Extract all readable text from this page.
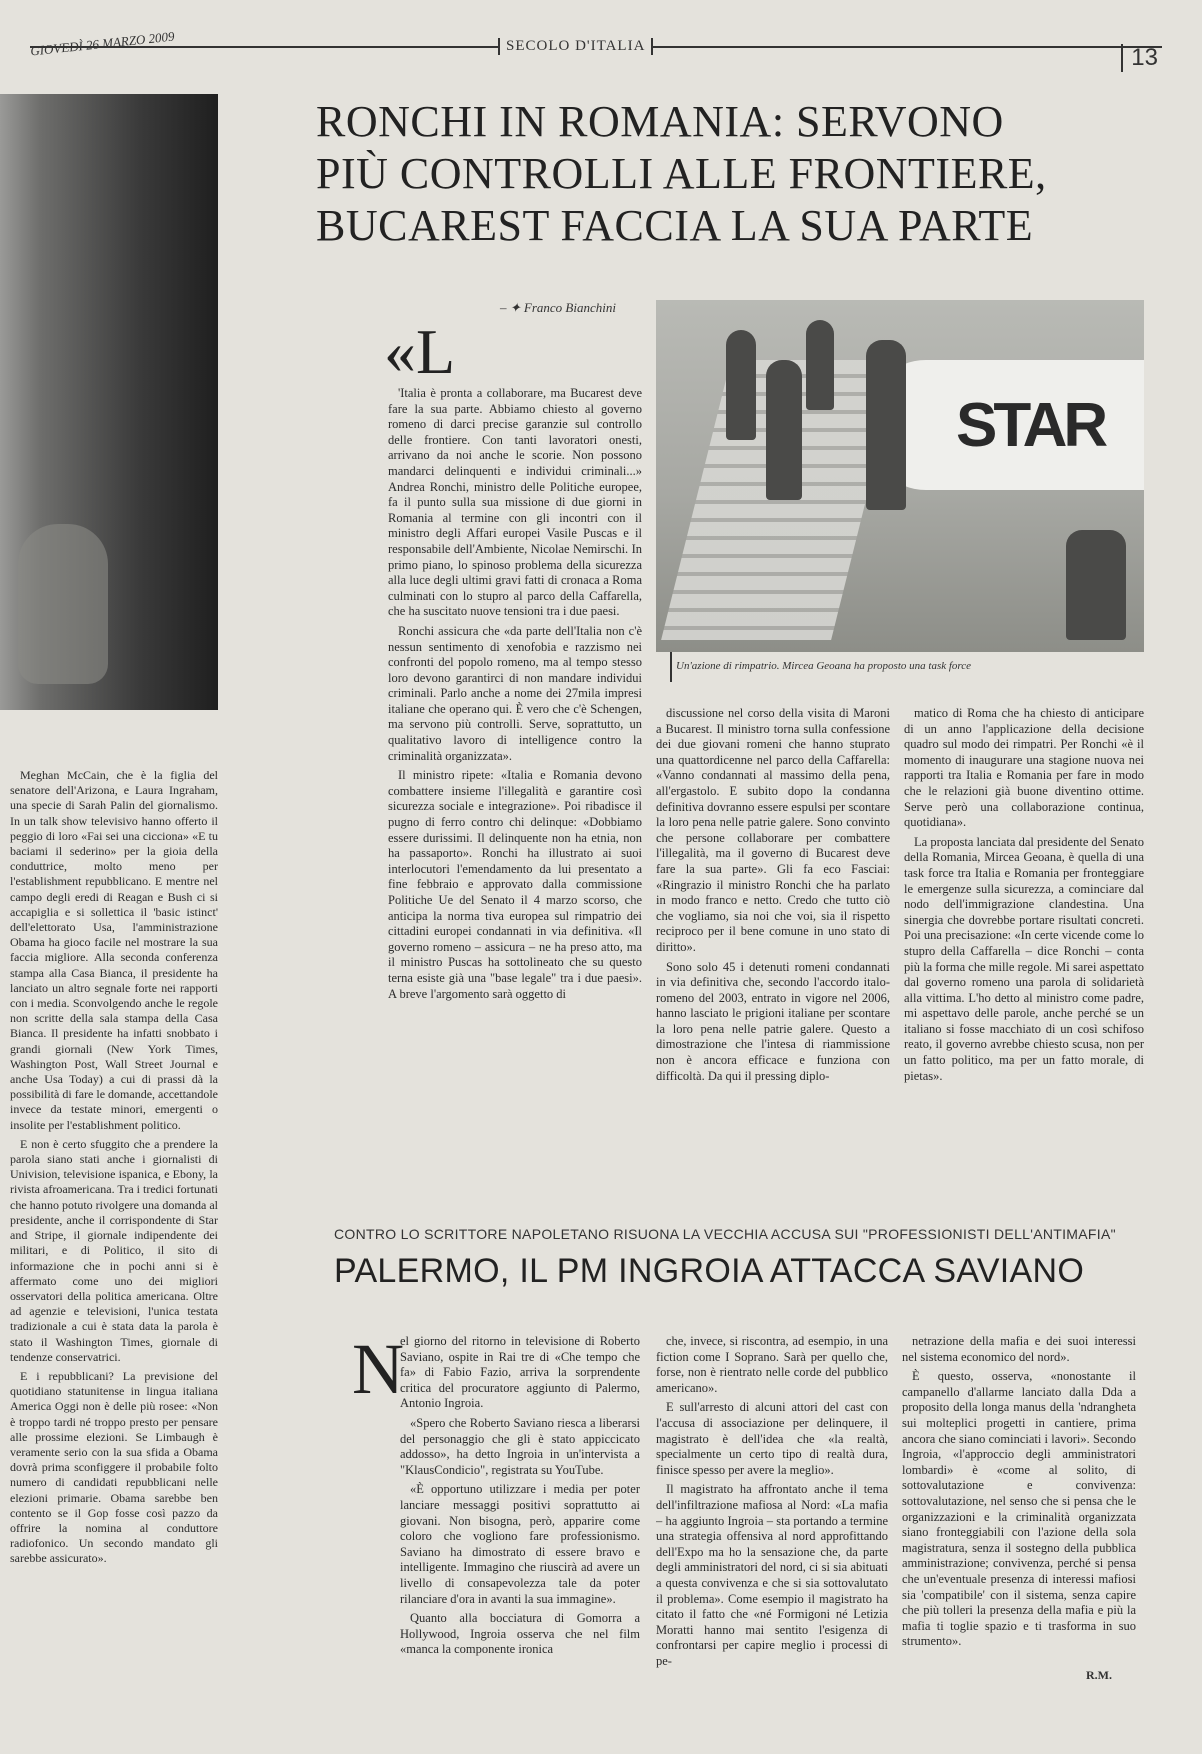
GIOVEDÌ 26 MARZO 2009	SECOLO D'ITALIA	13
RONCHI IN ROMANIA: SERVONO
PIÙ CONTROLLI ALLE FRONTIERE,
BUCAREST FACCIA LA SUA PARTE
– ✦ Franco Bianchini
STAR
Un'azione di rimpatrio. Mircea Geoana ha proposto una task force
«L

'Italia è pronta a collaborare, ma Bucarest deve fare la sua parte. Abbiamo chiesto al governo romeno di darci precise garanzie sul controllo delle frontiere. Con tanti lavoratori onesti, arrivano da noi anche le scorie. Non possono mandarci delinquenti e individui criminali...» Andrea Ronchi, ministro delle Politiche europee, fa il punto sulla sua missione di due giorni in Romania al termine con gli incontri con il ministro degli Affari europei Vasile Puscas e il responsabile dell'Ambiente, Nicolae Nemirschi. In primo piano, lo spinoso problema della sicurezza alla luce degli ultimi gravi fatti di cronaca a Roma culminati con lo stupro al parco della Caffarella, che ha suscitato nuove tensioni tra i due paesi.

Ronchi assicura che «da parte dell'Italia non c'è nessun sentimento di xenofobia e razzismo nei confronti del popolo romeno, ma al tempo stesso loro devono garantirci di non mandare individui criminali. Parlo anche a nome dei 27mila impresi italiane che operano qui. È vero che c'è Schengen, ma servono più controlli. Serve, soprattutto, un qualitativo lavoro di intelligence contro la criminalità organizzata».

Il ministro ripete: «Italia e Romania devono combattere insieme l'illegalità e garantire così sicurezza sociale e integrazione». Poi ribadisce il pugno di ferro contro chi delinque: «Dobbiamo essere durissimi. Il delinquente non ha etnia, non ha passaporto». Ronchi ha illustrato ai suoi interlocutori l'emendamento da lui presentato a fine febbraio e approvato dalla commissione Politiche Ue del Senato il 4 marzo scorso, che anticipa la norma tiva europea sul rimpatrio dei cittadini europei condannati in via definitiva. «Il governo romeno – assicura – ne ha preso atto, ma il ministro Puscas ha sottolineato che su questo terna esiste già una "base legale" tra i due paesi». A breve l'argomento sarà oggetto di

discussione nel corso della visita di Maroni a Bucarest. Il ministro torna sulla confessione dei due giovani romeni che hanno stuprato una quattordicenne nel parco della Caffarella: «Vanno condannati al massimo della pena, all'ergastolo. E subito dopo la condanna definitiva dovranno essere espulsi per scontare la loro pena nelle patrie galere. Sono convinto che persone collaborare per combattere l'illegalità, ma il governo di Bucarest deve fare la sua parte». Gli fa eco Fasciai: «Ringrazio il ministro Ronchi che ha parlato in modo franco e netto. Credo che tutto ciò che vogliamo, sia noi che voi, sia il rispetto reciproco per il bene comune in uno stato di diritto».

Sono solo 45 i detenuti romeni condannati in via definitiva che, secondo l'accordo italo-romeno del 2003, entrato in vigore nel 2006, hanno lasciato le prigioni italiane per scontare la loro pena nelle patrie galere. Questo a dimostrazione che l'intesa di riammissione non è ancora efficace e funziona con difficoltà. Da qui il pressing diplo-

matico di Roma che ha chiesto di anticipare di un anno l'applicazione della decisione quadro sul modo dei rimpatri. Per Ronchi «è il momento di inaugurare una stagione nuova nei rapporti tra Italia e Romania per fare in modo che le relazioni già buone diventino ottime. Serve però una collaborazione continua, quotidiana».

La proposta lanciata dal presidente del Senato della Romania, Mircea Geoana, è quella di una task force tra Italia e Romania per fronteggiare le emergenze sulla sicurezza, a cominciare dal nodo dell'immigrazione clandestina. Una sinergia che dovrebbe portare risultati concreti. Poi una precisazione: «In certe vicende come lo stupro della Caffarella – dice Ronchi – conta più la forma che mille regole. Mi sarei aspettato dal governo romeno una parola di solidarietà alla vittima. L'ho detto al ministro come padre, mi aspettavo delle parole, anche perché se un italiano si fosse macchiato di un così schifoso reato, il governo avrebbe chiesto scusa, non per un fatto politico, ma per un fatto morale, di pietas».

Meghan McCain, che è la figlia del senatore dell'Arizona, e Laura Ingraham, una specie di Sarah Palin del giornalismo. In un talk show televisivo hanno offerto il peggio di loro «Fai sei una cicciona» «E tu baciami il sederino» per la gioia della conduttrice, molto meno per l'establishment repubblicano. E mentre nel campo degli eredi di Reagan e Bush ci si accapiglia e si sollettica il 'basic istinct' dell'elettorato Usa, l'amministrazione Obama ha gioco facile nel mostrare la sua faccia migliore. Alla seconda conferenza stampa alla Casa Bianca, il presidente ha lanciato un altro segnale forte nei rapporti con i media. Sconvolgendo anche le regole non scritte della sala stampa della Casa Bianca. Il presidente ha infatti snobbato i grandi giornali (New York Times, Washington Post, Wall Street Journal e anche Usa Today) a cui di prassi dà la possibilità di fare le domande, accettandole invece da testate minori, emergenti o insolite per l'establishment politico.

E non è certo sfuggito che a prendere la parola siano stati anche i giornalisti di Univision, televisione ispanica, e Ebony, la rivista afroamericana. Tra i tredici fortunati che hanno potuto rivolgere una domanda al presidente, anche il corrispondente di Star and Stripe, il giornale indipendente dei militari, e di Politico, il sito di informazione che in pochi anni si è affermato come uno dei migliori osservatori della politica americana. Oltre ad agenzie e televisioni, l'unica testata tradizionale a cui è stata data la parola è stato il Washington Times, giornale di tendenze conservatrici.

E i repubblicani? La previsione del quotidiano statunitense in lingua italiana America Oggi non è delle più rosee: «Non è troppo tardi né troppo presto per pensare alle prossime elezioni. Se Limbaugh è veramente serio con la sua sfida a Obama dovrà prima sconfiggere il probabile folto numero di candidati repubblicani nelle elezioni primarie. Obama sarebbe ben contento se il Gop fosse così pazzo da offrire la nomina al conduttore radiofonico. Un secondo mandato gli sarebbe assicurato».

CONTRO LO SCRITTORE NAPOLETANO RISUONA LA VECCHIA ACCUSA SUI "PROFESSIONISTI DELL'ANTIMAFIA"
PALERMO, IL PM INGROIA ATTACCA SAVIANO
N

el giorno del ritorno in televisione di Roberto Saviano, ospite in Rai tre di «Che tempo che fa» di Fabio Fazio, arriva la sorprendente critica del procuratore aggiunto di Palermo, Antonio Ingroia.

«Spero che Roberto Saviano riesca a liberarsi del personaggio che gli è stato appiccicato addosso», ha detto Ingroia in un'intervista a "KlausCondicio", registrata su YouTube.

«È opportuno utilizzare i media per poter lanciare messaggi positivi soprattutto ai giovani. Non bisogna, però, apparire come coloro che vogliono fare professionismo. Saviano ha dimostrato di essere bravo e intelligente. Immagino che riuscirà ad avere un livello di consapevolezza tale da poter rilanciare d'ora in avanti la sua immagine».

Quanto alla bocciatura di Gomorra a Hollywood, Ingroia osserva che nel film «manca la componente ironica

che, invece, si riscontra, ad esempio, in una fiction come I Soprano. Sarà per quello che, forse, non è rientrato nelle corde del pubblico americano».

E sull'arresto di alcuni attori del cast con l'accusa di associazione per delinquere, il magistrato è dell'idea che «la realtà, specialmente un certo tipo di realtà dura, finisce spesso per avere la meglio».

Il magistrato ha affrontato anche il tema dell'infiltrazione mafiosa al Nord: «La mafia – ha aggiunto Ingroia – sta portando a termine una strategia offensiva al nord approfittando dell'Expo ma ho la sensazione che, da parte degli amministratori del nord, ci si sia abituati a questa convivenza e che si sia sottovalutato il problema». Come esempio il magistrato ha citato il fatto che «né Formigoni né Letizia Moratti hanno mai sentito l'esigenza di confrontarsi per capire meglio i processi di pe-

netrazione della mafia e dei suoi interessi nel sistema economico del nord».

È questo, osserva, «nonostante il campanello d'allarme lanciato dalla Dda a proposito della longa manus della 'ndrangheta sui molteplici progetti in cantiere, prima ancora che siano cominciati i lavori». Secondo Ingroia, «l'approccio degli amministratori lombardi» è «come al solito, di sottovalutazione e convivenza: sottovalutazione, nel senso che si pensa che le organizzazioni e la criminalità organizzata siano fronteggiabili con l'azione della sola magistratura, senza il sostegno della pubblica amministrazione; convivenza, perché si pensa che un'eventuale presenza di interessi mafiosi sia 'compatibile' con il sistema, senza capire che più tolleri la presenza della mafia e più la mafia ti toglie spazio e ti trasforma in suo strumento».

R.M.
